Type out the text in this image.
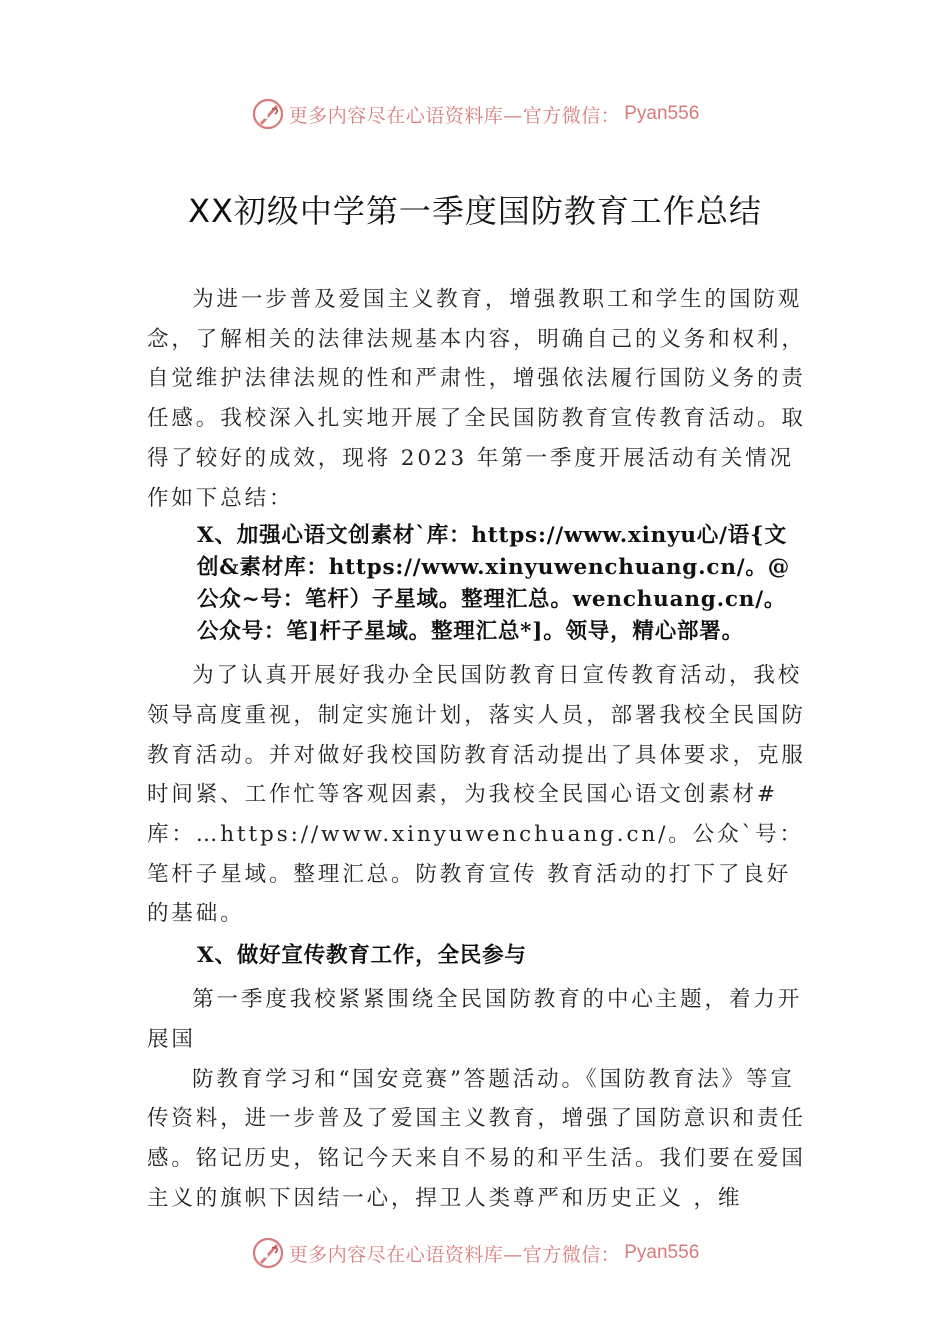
更多内容尽在心语资料库—官方微信： Pyan556
XX初级中学第一季度国防教育工作总结

为进一步普及爱国主义教育，增强教职工和学生的国防观念，了解相关的法律法规基本内容，明确自己的义务和权利，自觉维护法律法规的性和严肃性，增强依法履行国防义务的责任感。我校深入扎实地开展了全民国防教育宣传教育活动。取得了较好的成效，现将 2023 年第一季度开展活动有关情况作如下总结：

X、加强心语文创素材`库：https://www.xinyu心/语{文创&素材库：https://www.xinyuwenchuang.cn/。@公众~号：笔杆）子星域。整理汇总。wenchuang.cn/。公众号：笔]杆子星域。整理汇总*]。领导，精心部署。

为了认真开展好我办全民国防教育日宣传教育活动，我校领导高度重视，制定实施计划，落实人员，部署我校全民国防教育活动。并对做好我校国防教育活动提出了具体要求，克服时间紧、工作忙等客观因素，为我校全民国心语文创素材#库：…https://www.xinyuwenchuang.cn/。公众`号：笔杆子星域。整理汇总。防教育宣传 教育活动的打下了良好的基础。

X、做好宣传教育工作，全民参与

第一季度我校紧紧围绕全民国防教育的中心主题，着力开展国

防教育学习和“国安竞赛”答题活动。《国防教育法》等宣传资料，进一步普及了爱国主义教育，增强了国防意识和责任感。铭记历史，铭记今天来自不易的和平生活。我们要在爱国主义的旗帜下因结一心，捍卫人类尊严和历史正义 ，维

更多内容尽在心语资料库—官方微信： Pyan556
